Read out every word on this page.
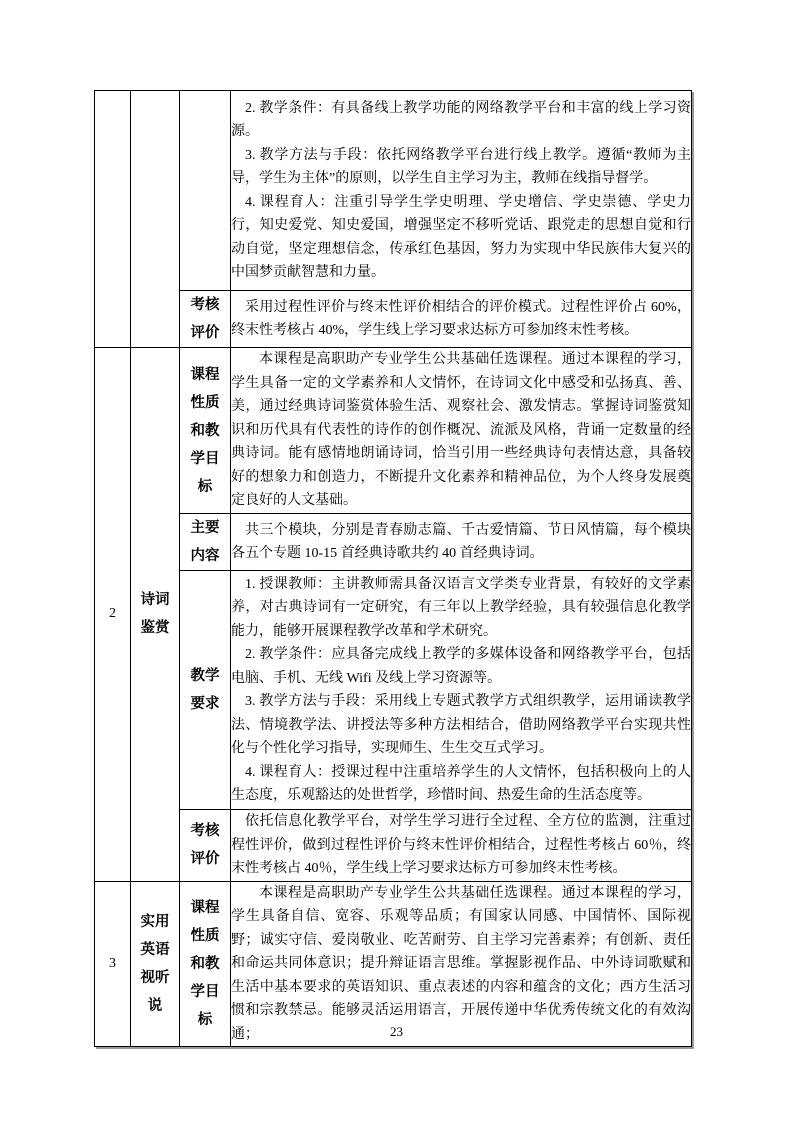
			2. 教学条件：有具备线上教学功能的网络教学平台和丰富的线上学习资源。

3. 教学方法与手段：依托网络教学平台进行线上教学。遵循“教师为主导，学生为主体”的原则，以学生自主学习为主，教师在线指导督学。

4. 课程育人：注重引导学生学史明理、学史增信、学史崇德、学史力行，知史爱党、知史爱国，增强坚定不移听党话、跟党走的思想自觉和行动自觉，坚定理想信念，传承红色基因，努力为实现中华民族伟大复兴的中国梦贡献智慧和力量。

		考核评价	采用过程性评价与终末性评价相结合的评价模式。过程性评价占 60%，终末性考核占 40%，学生线上学习要求达标方可参加终末性考核。

2	诗词鉴赏	课程性质和教学目标	本课程是高职助产专业学生公共基础任选课程。通过本课程的学习，学生具备一定的文学素养和人文情怀，在诗词文化中感受和弘扬真、善、美，通过经典诗词鉴赏体验生活、观察社会、激发情志。掌握诗词鉴赏知识和历代具有代表性的诗作的创作概况、流派及风格，背诵一定数量的经典诗词。能有感情地朗诵诗词，恰当引用一些经典诗句表情达意，具备较好的想象力和创造力，不断提升文化素养和精神品位，为个人终身发展奠定良好的人文基础。

		主要内容	共三个模块，分别是青春励志篇、千古爱情篇、节日风情篇，每个模块各五个专题 10-15 首经典诗歌共约 40 首经典诗词。

		教学要求	1. 授课教师：主讲教师需具备汉语言文学类专业背景，有较好的文学素养，对古典诗词有一定研究，有三年以上教学经验，具有较强信息化教学能力，能够开展课程教学改革和学术研究。

2. 教学条件：应具备完成线上教学的多媒体设备和网络教学平台，包括电脑、手机、无线 Wifi 及线上学习资源等。

3. 教学方法与手段：采用线上专题式教学方式组织教学，运用诵读教学法、情境教学法、讲授法等多种方法相结合，借助网络教学平台实现共性化与个性化学习指导，实现师生、生生交互式学习。

4. 课程育人：授课过程中注重培养学生的人文情怀，包括积极向上的人生态度，乐观豁达的处世哲学，珍惜时间、热爱生命的生活态度等。

		考核评价	依托信息化教学平台，对学生学习进行全过程、全方位的监测，注重过程性评价，做到过程性评价与终末性评价相结合，过程性考核占 60％，终末性考核占 40％，学生线上学习要求达标方可参加终末性考核。

3	实用英语视听说	课程性质和教学目标	本课程是高职助产专业学生公共基础任选课程。通过本课程的学习，学生具备自信、宽容、乐观等品质；有国家认同感、中国情怀、国际视野；诚实守信、爱岗敬业、吃苦耐劳、自主学习完善素养；有创新、责任和命运共同体意识；提升辩证语言思维。掌握影视作品、中外诗词歌赋和生活中基本要求的英语知识、重点表述的内容和蕴含的文化；西方生活习惯和宗教禁忌。能够灵活运用语言，开展传递中华优秀传统文化的有效沟通；	23
